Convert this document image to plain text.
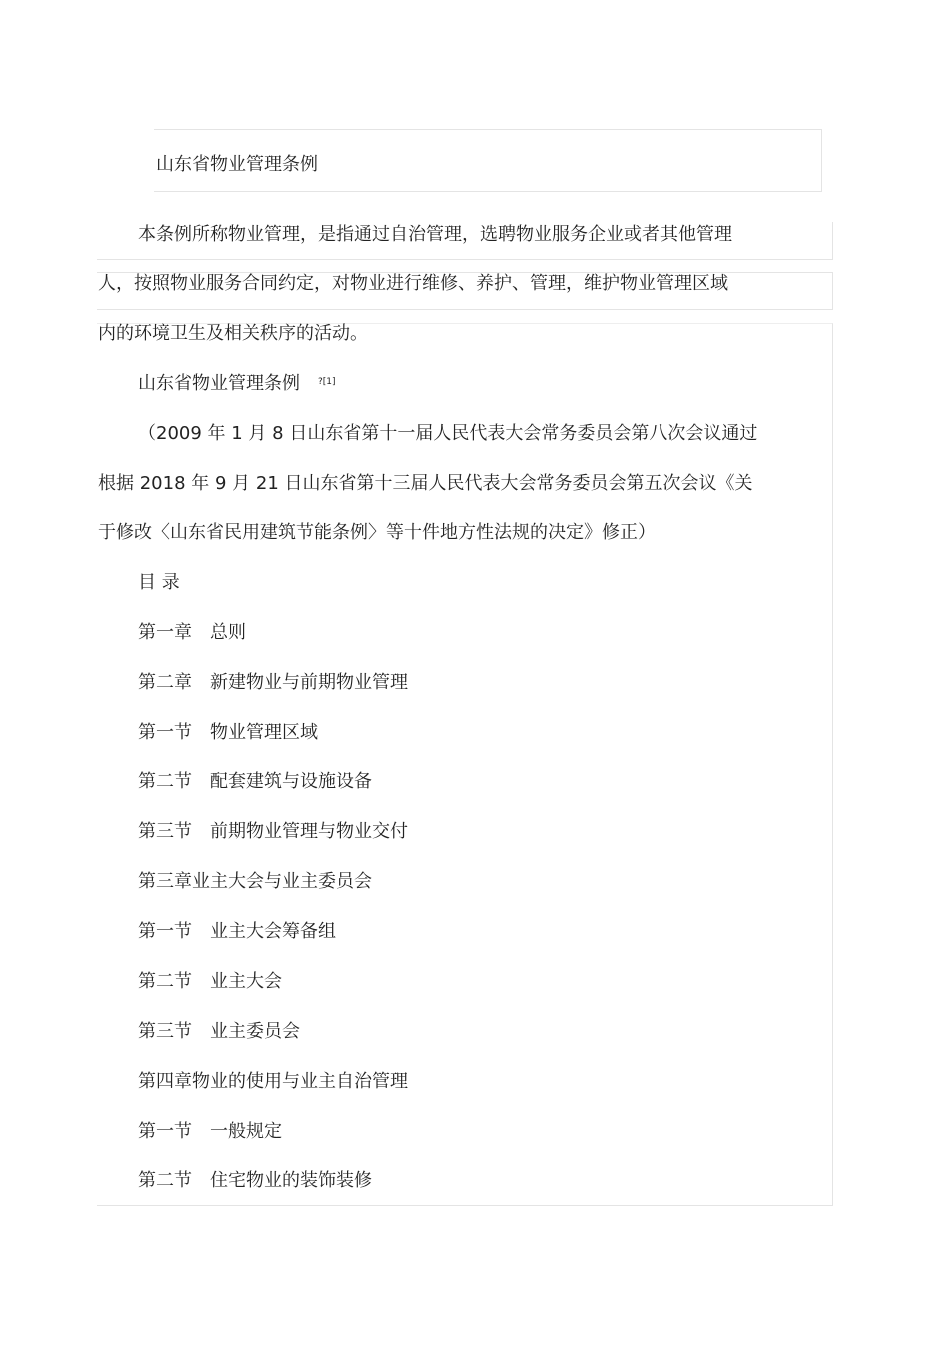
山东省物业管理条例
本条例所称物业管理，是指通过自治管理，选聘物业服务企业或者其他管理
人，按照物业服务合同约定，对物业进行维修、养护、管理，维护物业管理区域
内的环境卫生及相关秩序的活动。
山东省物业管理条例 $^{?[1]}$
（2009 年 1 月 8 日山东省第十一届人民代表大会常务委员会第八次会议通过
根据 2018 年 9 月 21 日山东省第十三届人民代表大会常务委员会第五次会议《关
于修改〈山东省民用建筑节能条例〉等十件地方性法规的决定》修正）
目 录
第一章 总则
第二章 新建物业与前期物业管理
第一节 物业管理区域
第二节 配套建筑与设施设备
第三节 前期物业管理与物业交付
第三章业主大会与业主委员会
第一节 业主大会筹备组
第二节 业主大会
第三节 业主委员会
第四章物业的使用与业主自治管理
第一节 一般规定
第二节 住宅物业的装饰装修
